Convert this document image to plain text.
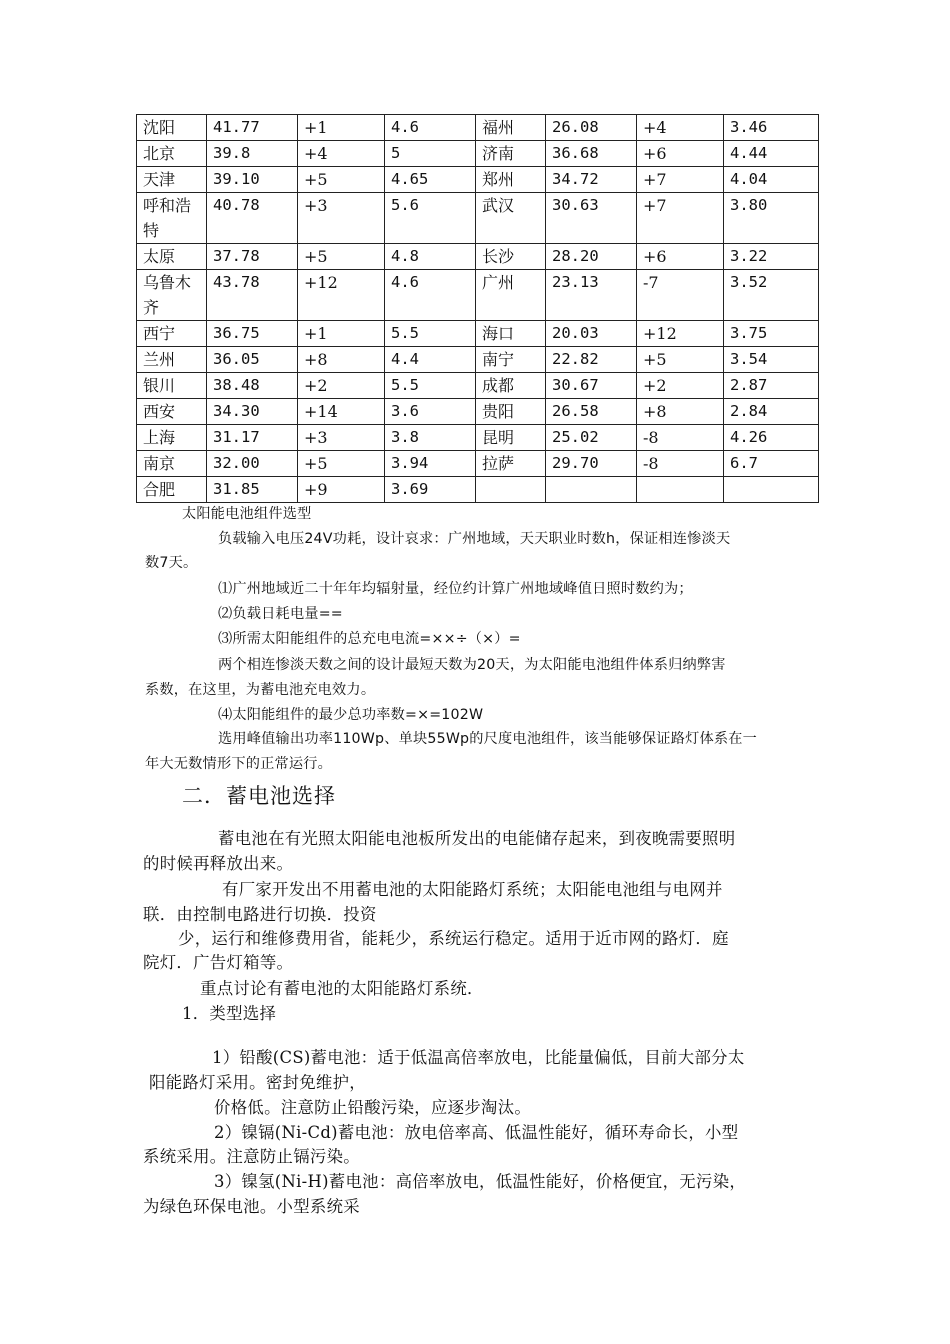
沈阳	41.77	+1	4.6	福州	26.08	+4	3.46
北京	39.8	+4	5	济南	36.68	+6	4.44
天津	39.10	+5	4.65	郑州	34.72	+7	4.04
呼和浩特	40.78	+3	5.6	武汉	30.63	+7	3.80
太原	37.78	+5	4.8	长沙	28.20	+6	3.22
乌鲁木齐	43.78	+12	4.6	广州	23.13	-7	3.52
西宁	36.75	+1	5.5	海口	20.03	+12	3.75
兰州	36.05	+8	4.4	南宁	22.82	+5	3.54
银川	38.48	+2	5.5	成都	30.67	+2	2.87
西安	34.30	+14	3.6	贵阳	26.58	+8	2.84
上海	31.17	+3	3.8	昆明	25.02	-8	4.26
南京	32.00	+5	3.94	拉萨	29.70	-8	6.7
合肥	31.85	+9	3.69				
太阳能电池组件选型
负载输入电压24V功耗，设计哀求：广州地域，天天职业时数h，保证相连惨淡天
数7天。
⑴广州地域近二十年年均辐射量，经位约计算广州地域峰值日照时数约为；
⑵负载日耗电量==
⑶所需太阳能组件的总充电电流=××÷（×）=
两个相连惨淡天数之间的设计最短天数为20天，为太阳能电池组件体系归纳弊害
系数，在这里，为蓄电池充电效力。
⑷太阳能组件的最少总功率数=×=102W
选用峰值输出功率110Wp、单块55Wp的尺度电池组件，该当能够保证路灯体系在一
年大无数情形下的正常运行。
二．蓄电池选择
蓄电池在有光照太阳能电池板所发出的电能储存起来，到夜晚需要照明
的时候再释放出来。
有厂家开发出不用蓄电池的太阳能路灯系统；太阳能电池组与电网并
联．由控制电路进行切换．投资
少，运行和维修费用省，能耗少，系统运行稳定。适用于近市网的路灯．庭
院灯．广告灯箱等。
重点讨论有蓄电池的太阳能路灯系统．
1．类型选择
1）铅酸(CS)蓄电池：适于低温高倍率放电，比能量偏低，目前大部分太
阳能路灯采用。密封免维护，
价格低。注意防止铅酸污染，应逐步淘汰。
2）镍镉(Ni-Cd)蓄电池：放电倍率高、低温性能好，循环寿命长，小型
系统采用。注意防止镉污染。
3）镍氢(Ni-H)蓄电池：高倍率放电，低温性能好，价格便宜，无污染，
为绿色环保电池。小型系统采
